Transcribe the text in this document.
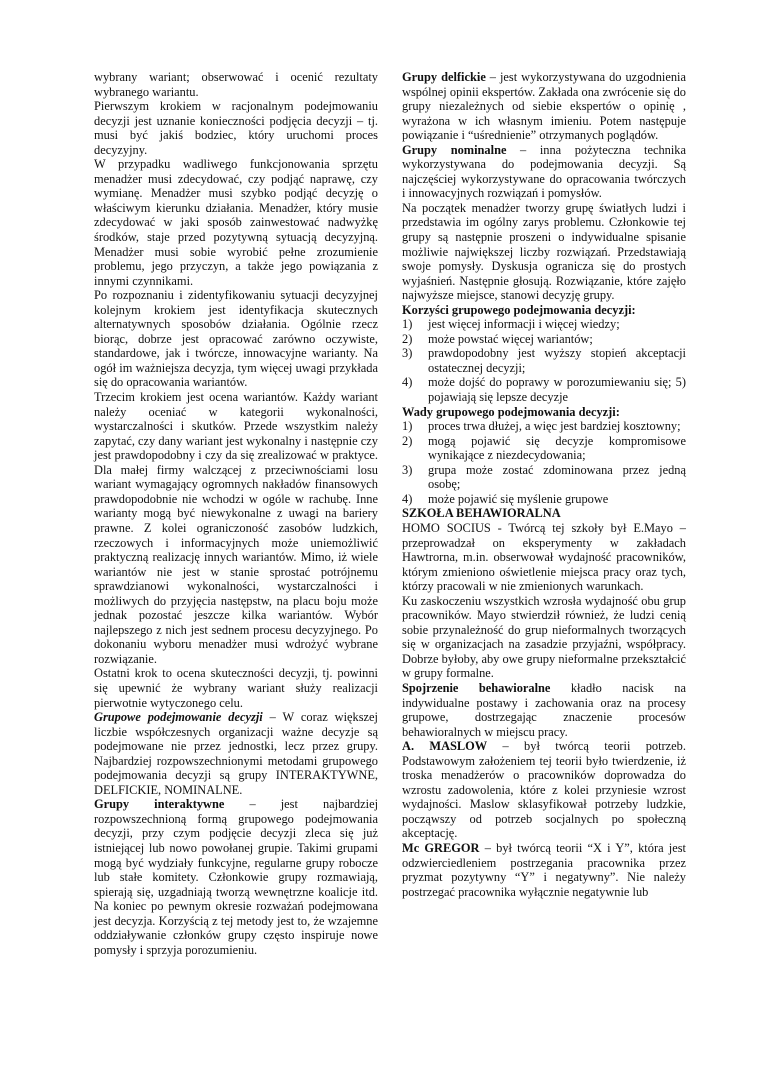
wybrany wariant; obserwować i ocenić rezultaty wybranego wariantu.

Pierwszym krokiem w racjonalnym podejmowaniu decyzji jest uznanie konieczności podjęcia decyzji – tj. musi być jakiś bodziec, który uruchomi proces decyzyjny.

W przypadku wadliwego funkcjonowania sprzętu menadżer musi zdecydować, czy podjąć naprawę, czy wymianę. Menadżer musi szybko podjąć decyzję o właściwym kierunku działania. Menadżer, który musie zdecydować w jaki sposób zainwestować nadwyżkę środków, staje przed pozytywną sytuacją decyzyjną. Menadżer musi sobie wyrobić pełne zrozumienie problemu, jego przyczyn, a także jego powiązania z innymi czynnikami.

Po rozpoznaniu i zidentyfikowaniu sytuacji decyzyjnej kolejnym krokiem jest identyfikacja skutecznych alternatywnych sposobów działania. Ogólnie rzecz biorąc, dobrze jest opracować zarówno oczywiste, standardowe, jak i twórcze, innowacyjne warianty. Na ogół im ważniejsza decyzja, tym więcej uwagi przykłada się do opracowania wariantów.

Trzecim krokiem jest ocena wariantów. Każdy wariant należy oceniać w kategorii wykonalności, wystarczalności i skutków. Przede wszystkim należy zapytać, czy dany wariant jest wykonalny i następnie czy jest prawdopodobny i czy da się zrealizować w praktyce. Dla małej firmy walczącej z przeciwnościami losu wariant wymagający ogromnych nakładów finansowych prawdopodobnie nie wchodzi w ogóle w rachubę. Inne warianty mogą być niewykonalne z uwagi na bariery prawne. Z kolei ograniczoność zasobów ludzkich, rzeczowych i informacyjnych może uniemożliwić praktyczną realizację innych wariantów. Mimo, iż wiele wariantów nie jest w stanie sprostać potrójnemu sprawdzianowi wykonalności, wystarczalności i możliwych do przyjęcia następstw, na placu boju może jednak pozostać jeszcze kilka wariantów. Wybór najlepszego z nich jest sednem procesu decyzyjnego. Po dokonaniu wyboru menadżer musi wdrożyć wybrane rozwiązanie.

Ostatni krok to ocena skuteczności decyzji, tj. powinni się upewnić że wybrany wariant służy realizacji pierwotnie wytyczonego celu.

Grupowe podejmowanie decyzji – W coraz większej liczbie współczesnych organizacji ważne decyzje są podejmowane nie przez jednostki, lecz przez grupy. Najbardziej rozpowszechnionymi metodami grupowego podejmowania decyzji są grupy INTERAKTYWNE, DELFICKIE, NOMINALNE.

Grupy interaktywne – jest najbardziej rozpowszechnioną formą grupowego podejmowania decyzji, przy czym podjęcie decyzji zleca się już istniejącej lub nowo powołanej grupie. Takimi grupami mogą być wydziały funkcyjne, regularne grupy robocze lub stałe komitety. Członkowie grupy rozmawiają, spierają się, uzgadniają tworzą wewnętrzne koalicje itd. Na koniec po pewnym okresie rozważań podejmowana jest decyzja. Korzyścią z tej metody jest to, że wzajemne oddziaływanie członków grupy często inspiruje nowe pomysły i sprzyja porozumieniu.

Grupy delfickie – jest wykorzystywana do uzgodnienia wspólnej opinii ekspertów. Zakłada ona zwrócenie się do grupy niezależnych od siebie ekspertów o opinię , wyrażona w ich własnym imieniu. Potem następuje powiązanie i “uśrednienie” otrzymanych poglądów.

Grupy nominalne – inna pożyteczna technika wykorzystywana do podejmowania decyzji. Są najczęściej wykorzystywane do opracowania twórczych i innowacyjnych rozwiązań i pomysłów.

Na początek menadżer tworzy grupę światłych ludzi i przedstawia im ogólny zarys problemu. Członkowie tej grupy są następnie proszeni o indywidualne spisanie możliwie największej liczby rozwiązań. Przedstawiają swoje pomysły. Dyskusja ogranicza się do prostych wyjaśnień. Następnie głosują. Rozwiązanie, które zajęło najwyższe miejsce, stanowi decyzję grupy.

Korzyści grupowego podejmowania decyzji:

1) jest więcej informacji i więcej wiedzy;
2) może powstać więcej wariantów;
3) prawdopodobny jest wyższy stopień akceptacji ostatecznej decyzji;
4) może dojść do poprawy w porozumiewaniu się; 5) pojawiają się lepsze decyzje

Wady grupowego podejmowania decyzji:

1) proces trwa dłużej, a więc jest bardziej kosztowny;
2) mogą pojawić się decyzje kompromisowe wynikające z niezdecydowania;
3) grupa może zostać zdominowana przez jedną osobę;
4) może pojawić się myślenie grupowe

SZKOŁA BEHAWIORALNA

HOMO SOCIUS - Twórcą tej szkoły był E.Mayo – przeprowadzał on eksperymenty w zakładach Hawtrorna, m.in. obserwował wydajność pracowników, którym zmieniono oświetlenie miejsca pracy oraz tych, którzy pracowali w nie zmienionych warunkach.

Ku zaskoczeniu wszystkich wzrosła wydajność obu grup pracowników. Mayo stwierdził również, że ludzi cenią sobie przynależność do grup nieformalnych tworzących się w organizacjach na zasadzie przyjaźni, współpracy. Dobrze byłoby, aby owe grupy nieformalne przekształcić w grupy formalne.

Spojrzenie behawioralne kładło nacisk na indywidualne postawy i zachowania oraz na procesy grupowe, dostrzegając znaczenie procesów behawioralnych w miejscu pracy.

A. MASLOW – był twórcą teorii potrzeb. Podstawowym założeniem tej teorii było twierdzenie, iż troska menadżerów o pracowników doprowadza do wzrostu zadowolenia, które z kolei przyniesie wzrost wydajności. Maslow sklasyfikował potrzeby ludzkie, począwszy od potrzeb socjalnych po społeczną akceptację.

Mc GREGOR – był twórcą teorii “X i Y”, która jest odzwierciedleniem postrzegania pracownika przez pryzmat pozytywny “Y” i negatywny”. Nie należy postrzegać pracownika wyłącznie negatywnie lub
